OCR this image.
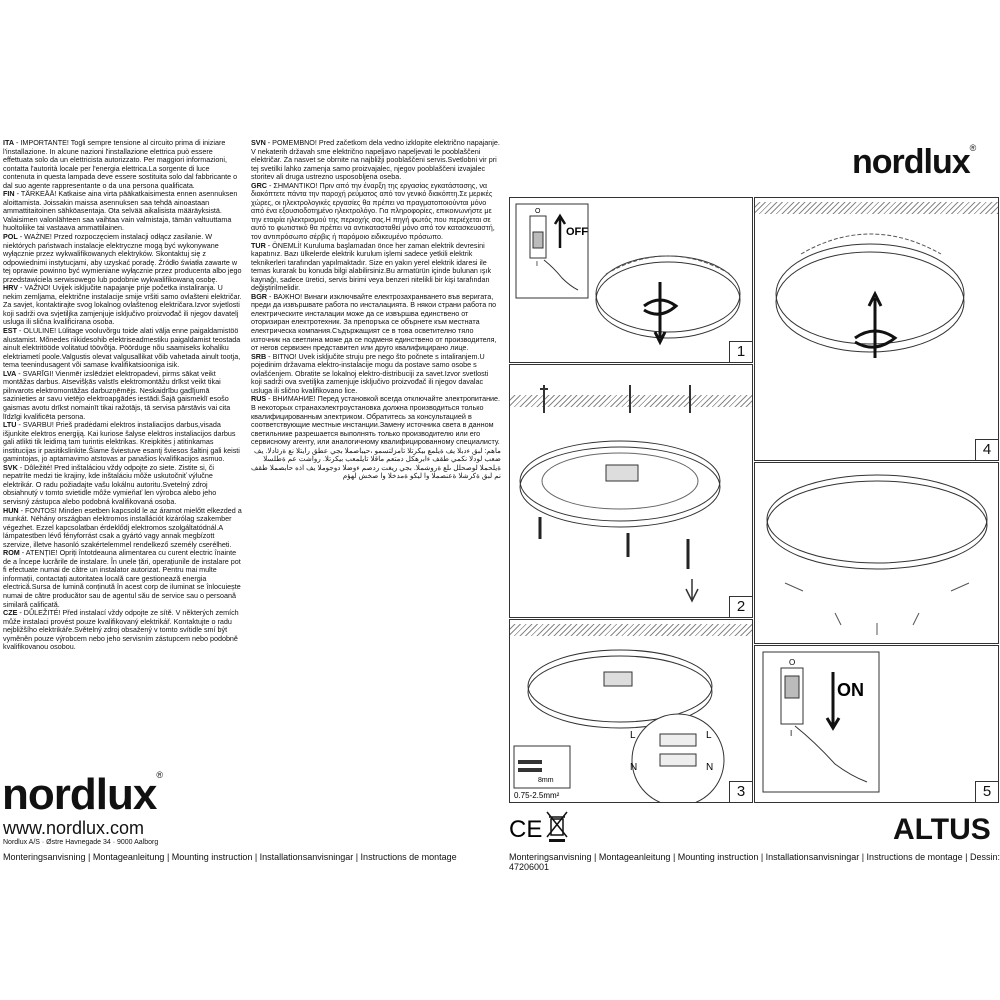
ITA - IMPORTANTE! Togli sempre tensione al circuito prima di iniziare l'installazione. In alcune nazioni l'installazione elettrica può essere effettuata solo da un elettricista autorizzato. Per maggiori informazioni, contatta l'autorità locale per l'energia elettrica.La sorgente di luce contenuta in questa lampada deve essere sostituita solo dal fabbricante o dal suo agente rappresentante o da una persona qualificata.

FIN - TÄRKEÄÄ! Katkaise aina virta pääkatkaisimesta ennen asennuksen aloittamista. Joissakin maissa asennuksen saa tehdä ainoastaan ammattitaitoinen sähköasentaja. Ota selvää aikalisista määräyksistä. Valaisimen valonlähteen saa vaihtaa vain valmistaja, tämän valtuuttama huoltoliike tai vastaava ammattilainen.

POL - WAŻNE! Przed rozpoczęciem instalacji odłącz zasilanie. W niektórych państwach instalacje elektryczne mogą być wykonywane wyłącznie przez wykwalifikowanych elektryków. Skontaktuj się z odpowiednimi instytucjami, aby uzyskać poradę. Źródło światła zawarte w tej oprawie powinno być wymieniane wyłącznie przez producenta albo jego przedstawiciela serwisowego lub podobnie wykwalifikowaną osobę.

HRV - VAŽNO! Uvijek isključite napajanje prije početka instaliranja. U nekim zemljama, električne instalacije smije vršiti samo ovlašteni električar. Za savjet, kontaktirajte svog lokalnog ovlaštenog električara.Izvor svjetlosti koji sadrži ova svjetiljka zamjenjuje isključivo proizvođač ili njegov davatelj usluga ili slična kvalificirana osoba.

EST - OLULINE! Lülitage vooluvõrgu toide alati välja enne paigaldamistöö alustamist. Mõnedes riikidesohib elektriseadmestiku paigaldamist teostada ainult elektritööde volitatud töövõtja. Pöörduge nõu saamiseks kohaliku elektriametí poole.Valgustis olevat valgusallikat võib vahetada ainult tootja, tema teenindusagent või samase kvalifikatsiooniga isik.

LVA - SVARĪGI! Vienmēr izslēdziet elektropadevi, pirms sākat veikt montāžas darbus. Atsevišķās valstīs elektromontāžu drīkst veikt tikai pilnvarots elektromontāžas darbuzņēmējs. Neskaidrību gadījumā sazinieties ar savu vietējo elektroapgādes iestādi.Šajā gaismeklī esošo gaismas avotu drīkst nomainīt tikai ražotājs, tā servisa pārstāvis vai cita līdzīgi kvalificēta persona.

LTU - SVARBU! Prieš pradėdami elektros instaliacijos darbus,visada išjunkite elektros energiją. Kai kuriose šalyse elektros instaliacijos darbus gali atlikti tik leidimą tam turintis elektrikas. Kreipkitės į atitinkamas institucijas ir pasitikslinkite.Šiame šviestuve esantį šviesos šaltinį gali keisti gamintojas, jo aptarnavimo atstovas ar panašios kvalifikacijos asmuo.

SVK - Dôležité! Pred inštaláciou vždy odpojte zo siete. Zistite si, či nepatríte medzi tie krajiny, kde inštaláciu môže uskutočniť výlučne elektrikár. O radu požiadajte vašu lokálnu autoritu.Svetelný zdroj obsiahnutý v tomto svietidle môže vymieňať len výrobca alebo jeho servisný zástupca alebo podobná kvalifikovaná osoba.

HUN - FONTOS! Minden esetben kapcsold le az áramot mielőtt elkezded a munkát. Néhány országban elektromos installációt kizárólag szakember végezhet. Ezzel kapcsolatban érdeklődj elektromos szolgáltatódnál.A lámpatestben lévő fényforrást csak a gyártó vagy annak megbízott szervize, illetve hasonló szakértelemmel rendelkező személy cserélheti.

ROM - ATENȚIE! Opriți întotdeauna alimentarea cu curent electric înainte de a începe lucrările de instalare. În unele țări, operațiunile de instalare pot fi efectuate numai de către un instalator autorizat. Pentru mai multe informații, contactați autoritatea locală care gestionează energia electrică.Sursa de lumină conținută în acest corp de iluminat se înlocuiește numai de către producător sau de agentul său de service sau o persoană similară calificată.

CZE - DŮLEŽITÉ! Před instalací vždy odpojte ze sítě. V některých zemích může instalaci provést pouze kvalifikovaný elektrikář. Kontaktujte o radu nejbližšího elektrikáře.Světelný zdroj obsažený v tomto svítidle smí být vyměněn pouze výrobcem nebo jeho servisním zástupcem nebo podobně kvalifikovanou osobou.

SVN - POMEMBNO! Pred začetkom dela vedno izklopite električno napajanje. V nekaterih državah sme električno napeljavo napeljevati le pooblaščeni električar. Za nasvet se obrnite na najbližji pooblaščeni servis.Svetlobni vir pri tej svetilki lahko zamenja samo proizvajalec, njegov pooblaščeni izvajalec storitev ali druga ustrezno usposobljena oseba.

GRC - ΣΗΜΑΝΤΙΚΟ! Πριν από την έναρξη της εργασίας εγκατάστασης, να διακόπτετε πάντα την παροχή ρεύματος από τον γενικό διακόπτη.Σε μερικές χώρες, οι ηλεκτρολογικές εργασίες θα πρέπει να πραγματοποιούνται μόνο από ένα εξουσιοδοτημένο ηλεκτρολόγο. Για πληροφορίες, επικοινωνήστε με την εταιρία ηλεκτρισμού της περιοχής σας.Η πηγή φωτός που περιέχεται σε αυτό το φωτιστικό θα πρέπει να αντικατασταθεί μόνο από τον κατασκευαστή, τον αντιπρόσωπο σέρβις ή παρόμοιο ειδικευμένο πρόσωπο.

TUR - ÖNEMLİ! Kuruluma başlamadan önce her zaman elektrik devresini kapatınız. Bazı ülkelerde elektrik kurulum işlemi sadece yetkili elektrik teknikerleri tarafından yapılmaktadır. Size en yakın yerel elektrik idaresi ile temas kurarak bu konuda bilgi alabilirsiniz.Bu armatürün içinde bulunan ışık kaynağı, sadece üretici, servis birimi veya benzeri nitelikli bir kişi tarafından değiştirilmelidir.

BGR - ВАЖНО! Винаги изключвайте електрозахранването във веригата, преди да извършвате работа по инсталацията. В някои страни работа по електрическите инсталации може да се извършва единствено от оторизиран електротехник. За препоръка се обърнете към местната електрическа компания.Съдържащият се в това осветително тяло източник на светлина може да се подменя единствено от производителя, от негов сервизен представител или друго квалифицирано лице.

SRB - BITNO! Uvek isključite struju pre nego što počnete s intaliranjem.U pojedinim državama elektro-instalacije mogu da postave samo osobe s ovlašćenjem. Obratite se lokalnoj elektro-distribuciji za savet.Izvor svetlosti koji sadrži ova svetiljka zamenjuje isključivo proizvođač ili njegov davalac usluga ili slično kvalifikovano lice.

RUS - ВНИМАНИЕ! Перед установкой всегда отключайте электропитание. В некоторых странахэлектроустановка должна производиться только квалифицированным электриком. Обратитесь за консультацией в соответствующие местные инстанции.Замену источника света в данном светильнике разрешается выполнять только производителю или его сервисному агенту, или аналогичному квалифицированному специалисту.

ماهم: لبق ءدبلا يف ةيلمع بيكرتلا تامزلتسمو ،حيباصملا بجي عطق رايتلا نع ةرئادلا. يف ضعب لودلا نكمي طقف ءابرهكل دمتعم ماقلا تايلمعب بيكرتلا. رواشت عم ةطلسلا ةيلحملا لوصحلل ىلع ةروشملا. بجي ريغت ردصم ءوضلا دوجوملا يف اذه حابصملا طقف نم لبق ةكرشلا ةعنصملا وا ليكو ةمدخلا وا صخش لهؤم

nordlux®
www.nordlux.com
Nordlux A/S · Østre Havnegade 34 · 9000 Aalborg
Monteringsanvisning | Montageanleitung | Mounting instruction | Installationsanvisningar | Instructions de montage
nordlux®
O
I
OFF
1
4
2
L	L
N	N
8mm
0.75-2.5mm²	3
O
I
ON
5
CE	ALTUS
Monteringsanvisning | Montageanleitung | Mounting instruction | Installationsanvisningar | Instructions de montage | Dessin: 47206001
